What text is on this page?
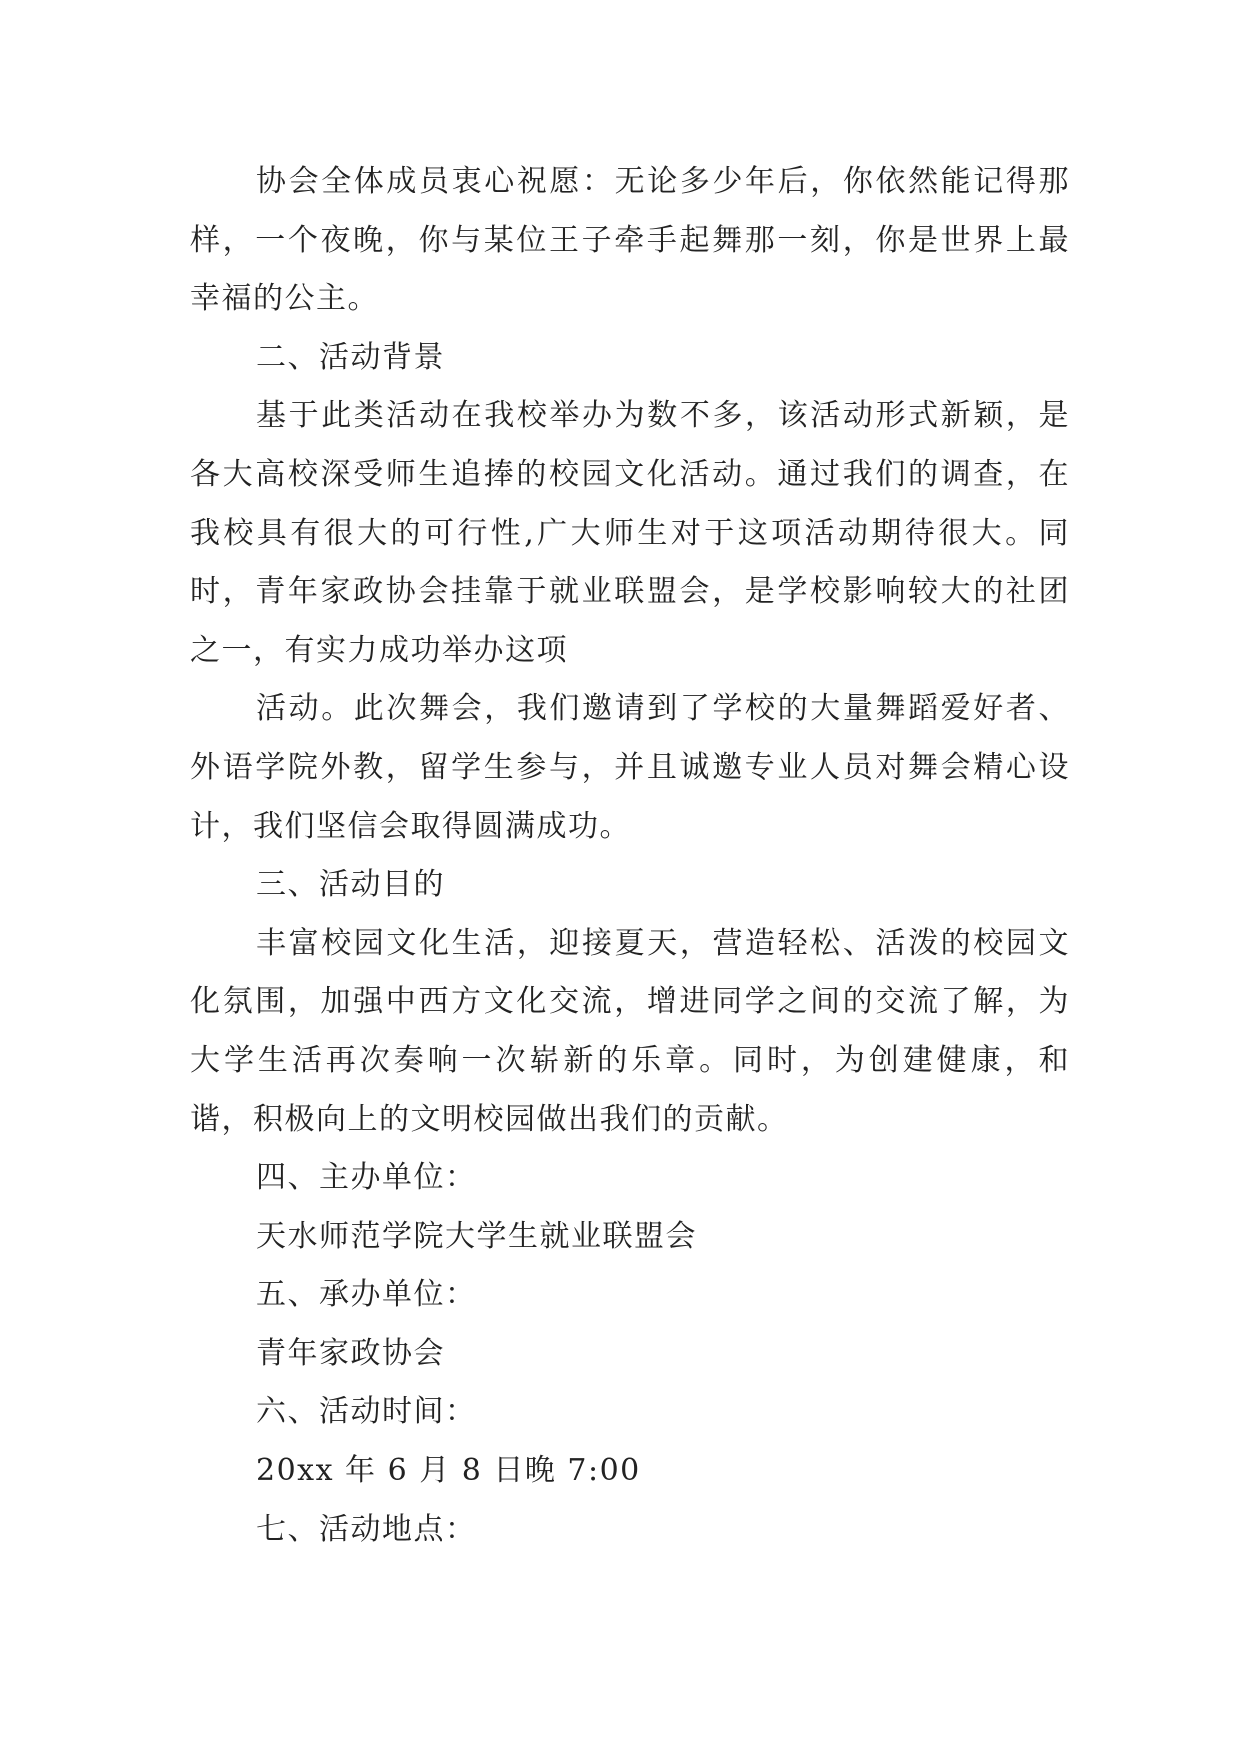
协会全体成员衷心祝愿：无论多少年后，你依然能记得那样，一个夜晚，你与某位王子牵手起舞那一刻，你是世界上最幸福的公主。

二、活动背景

基于此类活动在我校举办为数不多，该活动形式新颖，是各大高校深受师生追捧的校园文化活动。通过我们的调查，在我校具有很大的可行性,广大师生对于这项活动期待很大。同时，青年家政协会挂靠于就业联盟会，是学校影响较大的社团之一，有实力成功举办这项

活动。此次舞会，我们邀请到了学校的大量舞蹈爱好者、外语学院外教，留学生参与，并且诚邀专业人员对舞会精心设计，我们坚信会取得圆满成功。

三、活动目的

丰富校园文化生活，迎接夏天，营造轻松、活泼的校园文化氛围，加强中西方文化交流，增进同学之间的交流了解，为大学生活再次奏响一次崭新的乐章。同时，为创建健康，和谐，积极向上的文明校园做出我们的贡献。

四、主办单位：

天水师范学院大学生就业联盟会

五、承办单位：

青年家政协会

六、活动时间：

20xx 年 6 月 8 日晚 7:00

七、活动地点：
